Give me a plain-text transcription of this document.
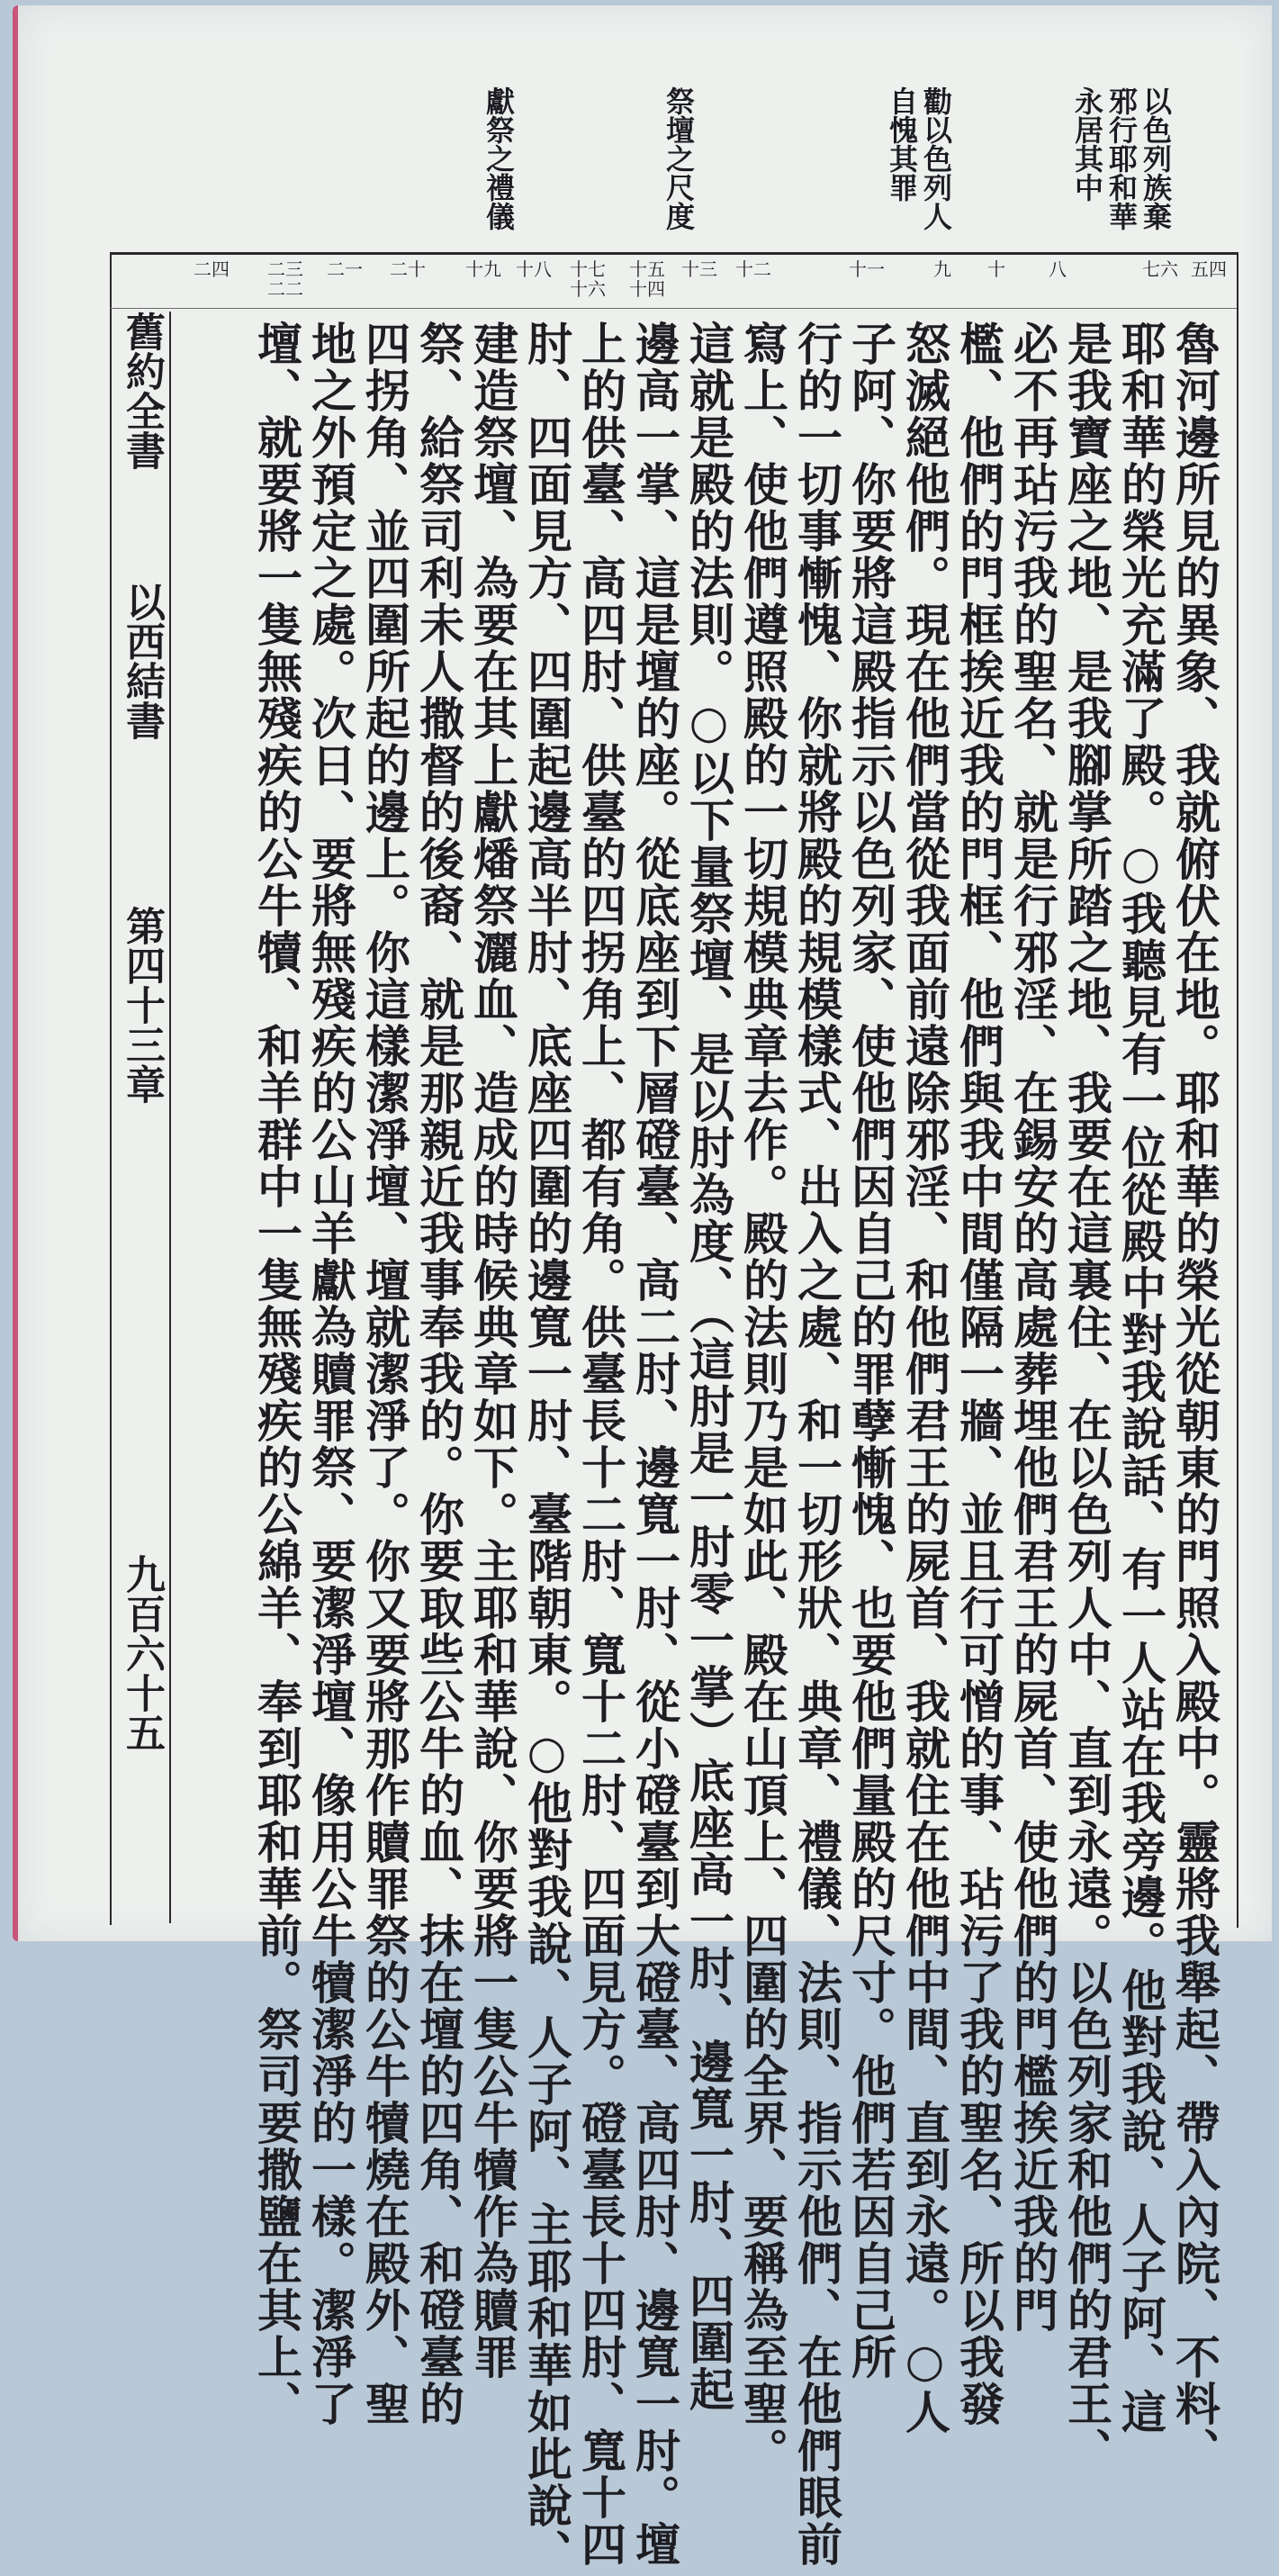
以色列族棄
邪行耶和華
永居其中
勸以色列人
自愧其罪
祭壇之尺度
獻祭之禮儀
五四
七六
八
九	十
十一
十二
十三
十五十四
十七十六
十八
十九
二十
二一
二三二二
二四
舊約全書
以西結書
第四十三章
九百六十五	魯河邊所見的異象、我就俯伏在地。耶和華的榮光從朝東的門照入殿中。靈將我舉起、帶入內院、不料、
耶和華的榮光充滿了殿。○我聽見有一位從殿中對我說話、有一人站在我旁邊。他對我說、人子阿、這
是我寶座之地、是我腳掌所踏之地、我要在這裏住、在以色列人中、直到永遠。以色列家和他們的君王、
必不再玷污我的聖名、就是行邪淫、在錫安的高處葬埋他們君王的屍首、使他們的門檻挨近我的門
檻、他們的門框挨近我的門框、他們與我中間僅隔一牆、並且行可憎的事、玷污了我的聖名、所以我發
怒滅絕他們。現在他們當從我面前遠除邪淫、和他們君王的屍首、我就住在他們中間、直到永遠。○人
子阿、你要將這殿指示以色列家、使他們因自己的罪孽慚愧、也要他們量殿的尺寸。他們若因自己所
行的一切事慚愧、你就將殿的規模樣式、出入之處、和一切形狀、典章、禮儀、法則、指示他們、在他們眼前
寫上、使他們遵照殿的一切規模典章去作。殿的法則乃是如此、殿在山頂上、四圍的全界、要稱為至聖。
這就是殿的法則。○以下量祭壇、是以肘為度、（這肘是一肘零一掌）底座高一肘、邊寬一肘、四圍起
邊高一掌、這是壇的座。從底座到下層磴臺、高二肘、邊寬一肘、從小磴臺到大磴臺、高四肘、邊寬一肘。壇
上的供臺、高四肘、供臺的四拐角上、都有角。供臺長十二肘、寬十二肘、四面見方。磴臺長十四肘、寬十四
肘、四面見方、四圍起邊高半肘、底座四圍的邊寬一肘、臺階朝東。○他對我說、人子阿、主耶和華如此說、
建造祭壇、為要在其上獻燔祭灑血、造成的時候典章如下。主耶和華說、你要將一隻公牛犢作為贖罪
祭、給祭司利未人撒督的後裔、就是那親近我事奉我的。你要取些公牛的血、抹在壇的四角、和磴臺的
四拐角、並四圍所起的邊上。你這樣潔淨壇、壇就潔淨了。你又要將那作贖罪祭的公牛犢燒在殿外、聖
地之外預定之處。次日、要將無殘疾的公山羊獻為贖罪祭、要潔淨壇、像用公牛犢潔淨的一樣。潔淨了
壇、就要將一隻無殘疾的公牛犢、和羊群中一隻無殘疾的公綿羊、奉到耶和華前。祭司要撒鹽在其上、
